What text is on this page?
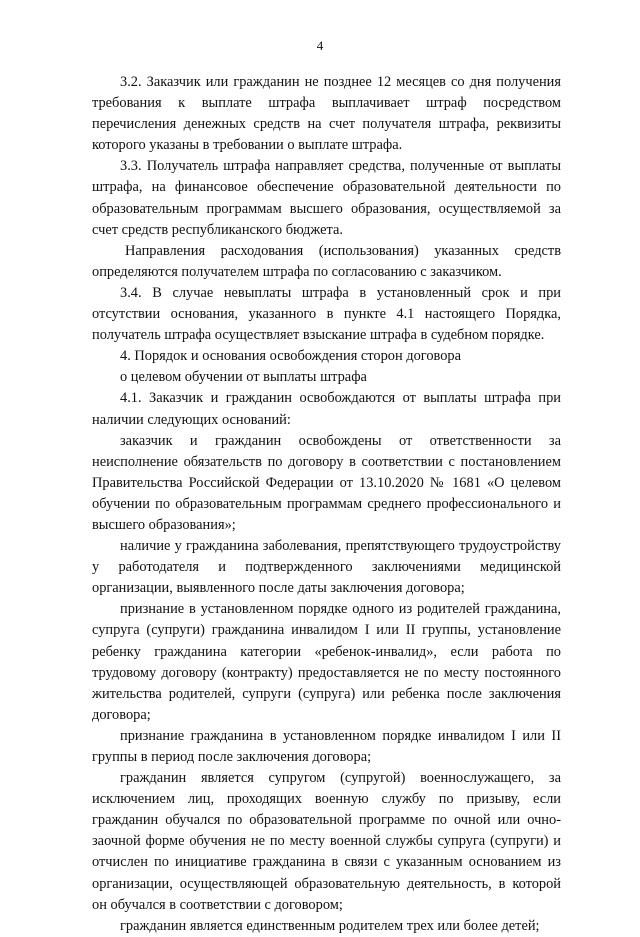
4

3.2. Заказчик или гражданин не позднее 12 месяцев со дня получения требования к выплате штрафа выплачивает штраф посредством перечисления денежных средств на счет получателя штрафа, реквизиты которого указаны в требовании о выплате штрафа.

3.3. Получатель штрафа направляет средства, полученные от выплаты штрафа, на финансовое обеспечение образовательной деятельности по образовательным программам высшего образования, осуществляемой за счет средств республиканского бюджета.

Направления расходования (использования) указанных средств определяются получателем штрафа по согласованию с заказчиком.

3.4. В случае невыплаты штрафа в установленный срок и при отсутствии основания, указанного в пункте 4.1 настоящего Порядка, получатель штрафа осуществляет взыскание штрафа в судебном порядке.

4. Порядок и основания освобождения сторон договора
о целевом обучении от выплаты штрафа

4.1. Заказчик и гражданин освобождаются от выплаты штрафа при наличии следующих оснований:

заказчик и гражданин освобождены от ответственности за неисполнение обязательств по договору в соответствии с постановлением Правительства Российской Федерации от 13.10.2020 № 1681 «О целевом обучении по образовательным программам среднего профессионального и высшего образования»;

наличие у гражданина заболевания, препятствующего трудоустройству у работодателя и подтвержденного заключениями медицинской организации, выявленного после даты заключения договора;

признание в установленном порядке одного из родителей гражданина, супруга (супруги) гражданина инвалидом I или II группы, установление ребенку гражданина категории «ребенок-инвалид», если работа по трудовому договору (контракту) предоставляется не по месту постоянного жительства родителей, супруги (супруга) или ребенка после заключения договора;

признание гражданина в установленном порядке инвалидом I или II группы в период после заключения договора;

гражданин является супругом (супругой) военнослужащего, за исключением лиц, проходящих военную службу по призыву, если гражданин обучался по образовательной программе по очной или очно-заочной форме обучения не по месту военной службы супруга (супруги) и отчислен по инициативе гражданина в связи с указанным основанием из организации, осуществляющей образовательную деятельность, в которой он обучался в соответствии с договором;

гражданин является единственным родителем трех или более детей;
